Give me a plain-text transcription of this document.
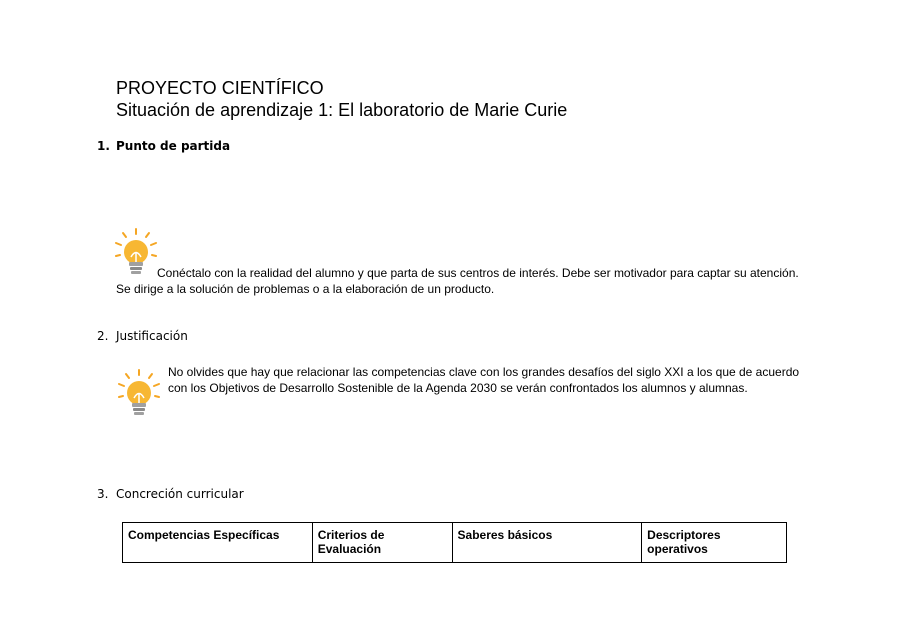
PROYECTO CIENTÍFICO
Situación de aprendizaje 1: El laboratorio de Marie Curie
1. Punto de partida
Conéctalo con la realidad del alumno y que parta de sus centros de interés. Debe ser motivador para captar su atención. Se dirige a la solución de problemas o a la elaboración de un producto.
2. Justificación
No olvides que hay que relacionar las competencias clave con los grandes desafíos del siglo XXI a los que de acuerdo con los Objetivos de Desarrollo Sostenible de la Agenda 2030 se verán confrontados los alumnos y alumnas.
3. Concreción curricular
Competencias Específicas	Criterios de Evaluación	Saberes básicos	Descriptores operativos
